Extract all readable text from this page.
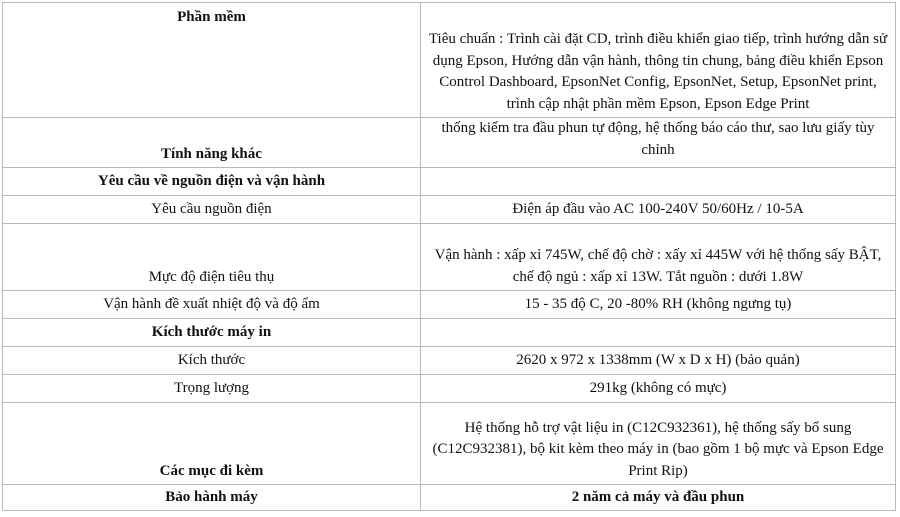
Phần mềm	Tiêu chuẩn : Trình cài đặt CD, trình điều khiển giao tiếp, trình hướng dẫn sử dụng Epson, Hướng dẫn vận hành, thông tin chung, bảng điều khiển Epson Control Dashboard, EpsonNet Config, EpsonNet, Setup, EpsonNet print, trình cập nhật phần mềm Epson, Epson Edge Print
Tính năng khác	thống kiểm tra đầu phun tự động, hệ thống báo cáo thư, sao lưu giấy tùy chỉnh
Yêu cầu về nguồn điện và vận hành	
Yêu cầu nguồn điện	Điện áp đầu vào AC 100-240V 50/60Hz / 10-5A
Mực độ điện tiêu thụ	Vận hành : xấp xỉ 745W, chế độ chờ : xấy xỉ 445W với hệ thống sấy BẬT, chế độ ngủ : xấp xỉ 13W. Tắt nguồn : dưới 1.8W
Vận hành đề xuất nhiệt độ và độ ẩm	15 - 35 độ C, 20 -80% RH (không ngưng tụ)
Kích thước máy in	
Kích thước	2620 x 972 x 1338mm (W x D x H) (bảo quản)
Trọng lượng	291kg (không có mực)
Các mục đi kèm	Hệ thống hỗ trợ vật liệu in (C12C932361), hệ thống sấy bổ sung (C12C932381), bộ kit kèm theo máy in (bao gồm 1 bộ mực và Epson Edge Print Rip)
Bảo hành máy	2 năm cả máy và đầu phun
